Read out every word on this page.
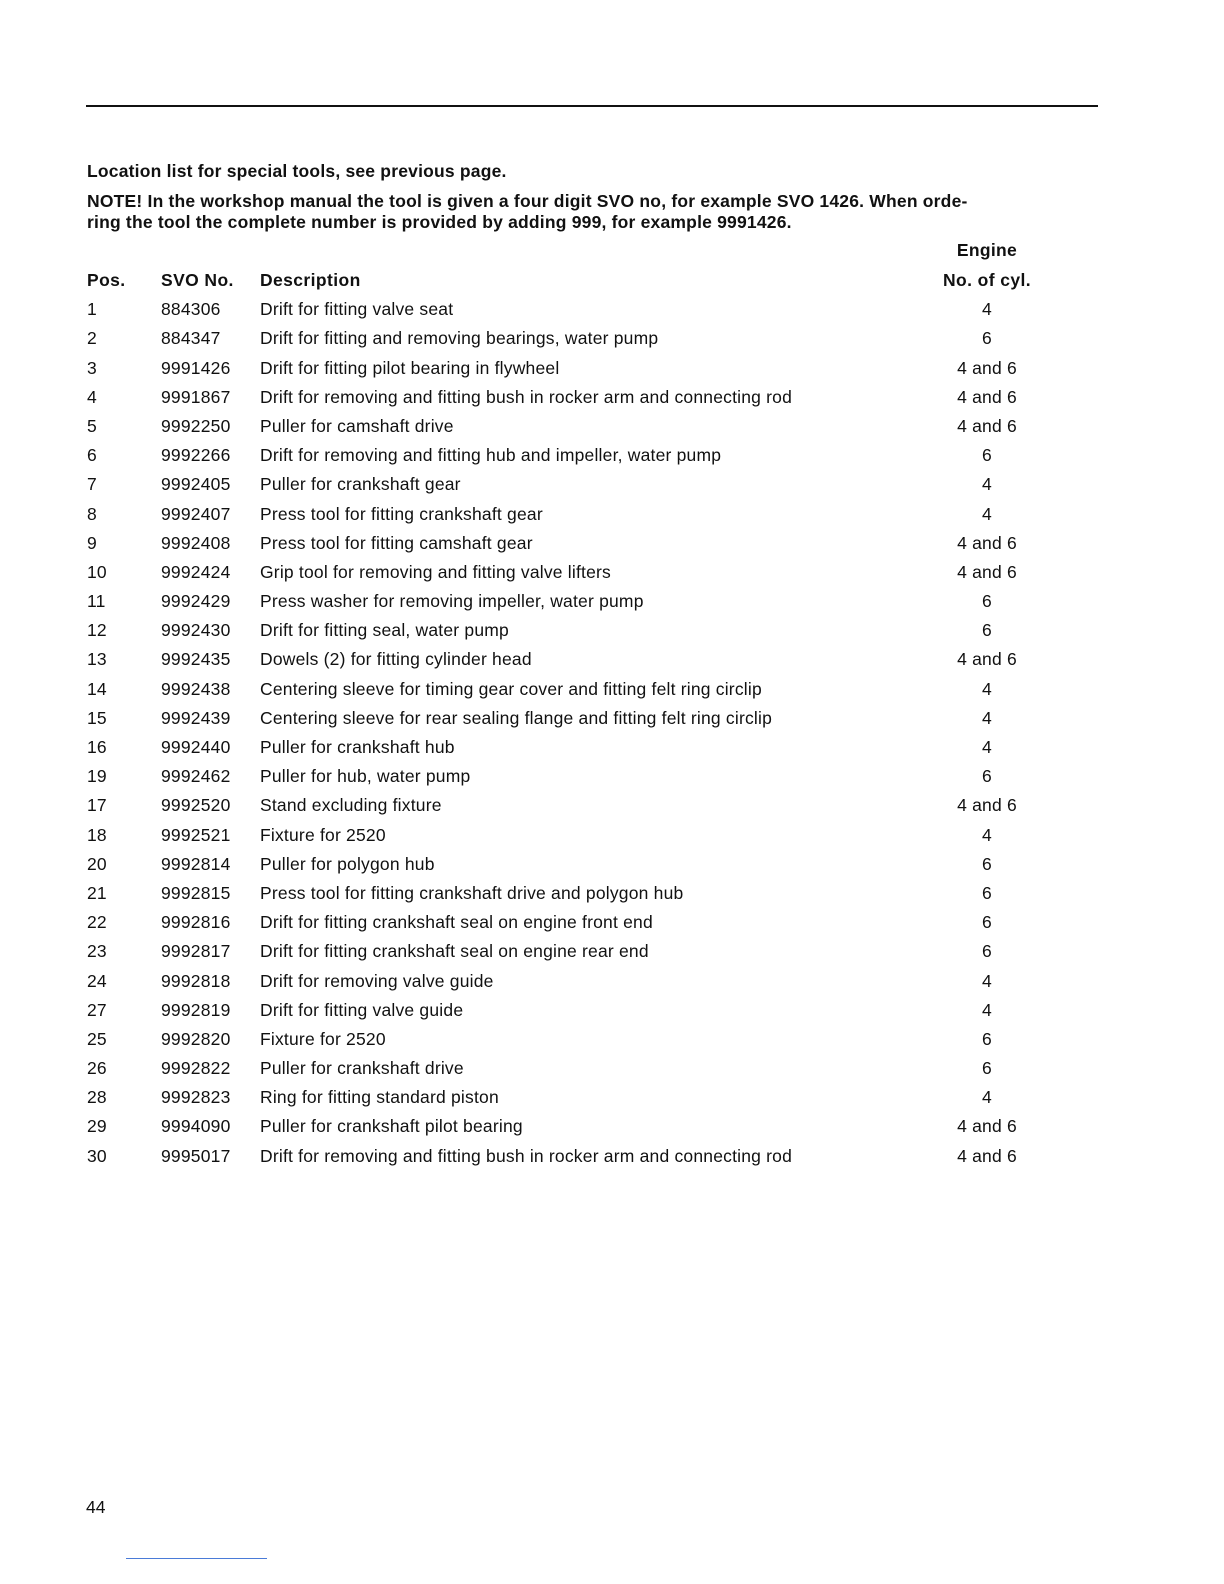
Location list for special tools, see previous page.
NOTE! In the workshop manual the tool is given a four digit SVO no, for example SVO 1426. When orde-
ring the tool the complete number is provided by adding 999, for example 9991426.
Engine
Pos. SVO No. Description	No. of cyl.
1	884306 Drift for fitting valve seat	4
2	884347 Drift for fitting and removing bearings, water pump	6
3	9991426 Drift for fitting pilot bearing in flywheel	4 and 6
4	9991867 Drift for removing and fitting bush in rocker arm and connecting rod	4 and 6
5	9992250 Puller for camshaft drive	4 and 6
6	9992266 Drift for removing and fitting hub and impeller, water pump	6
7	9992405 Puller for crankshaft gear	4
8	9992407 Press tool for fitting crankshaft gear	4
9	9992408 Press tool for fitting camshaft gear	4 and 6
10	9992424 Grip tool for removing and fitting valve lifters	4 and 6
11	9992429 Press washer for removing impeller, water pump	6
12	9992430 Drift for fitting seal, water pump	6
13	9992435 Dowels (2) for fitting cylinder head	4 and 6
14	9992438 Centering sleeve for timing gear cover and fitting felt ring circlip	4
15	9992439 Centering sleeve for rear sealing flange and fitting felt ring circlip	4
16	9992440 Puller for crankshaft hub	4
19	9992462 Puller for hub, water pump	6
17	9992520 Stand excluding fixture	4 and 6
18	9992521 Fixture for 2520	4
20	9992814 Puller for polygon hub	6
21	9992815 Press tool for fitting crankshaft drive and polygon hub	6
22	9992816 Drift for fitting crankshaft seal on engine front end	6
23	9992817 Drift for fitting crankshaft seal on engine rear end	6
24	9992818 Drift for removing valve guide	4
27	9992819 Drift for fitting valve guide	4
25	9992820 Fixture for 2520	6
26	9992822 Puller for crankshaft drive	6
28	9992823 Ring for fitting standard piston	4
29	9994090 Puller for crankshaft pilot bearing	4 and 6
30	9995017 Drift for removing and fitting bush in rocker arm and connecting rod	4 and 6
44
